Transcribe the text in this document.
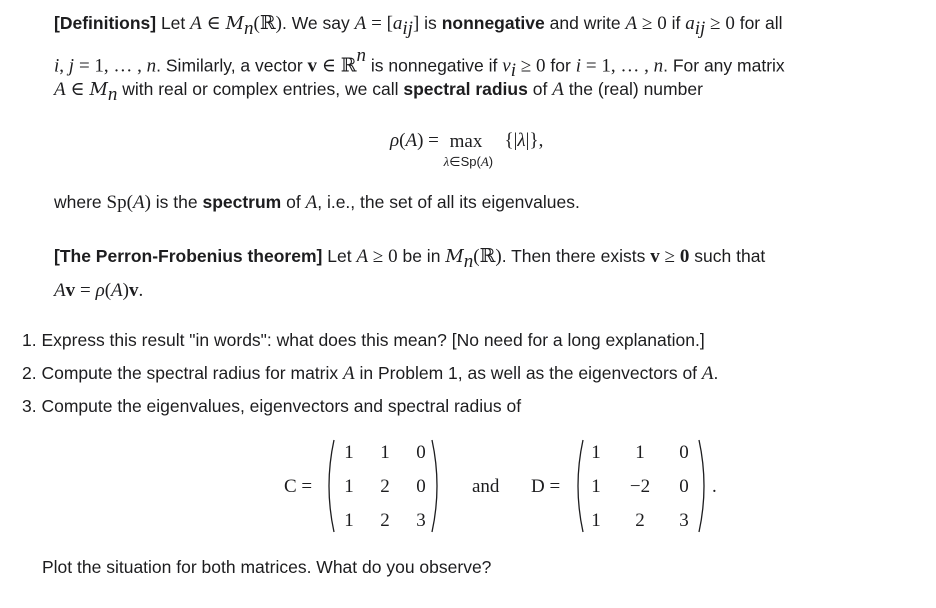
[Definitions] Let A ∈ $M_n(ℝ)$. We say $A = [a_{ij}]$ is nonnegative and write A ≥ 0 if $a_{ij} \ge 0$ for all
i, j = 1, … , n. Similarly, a vector v ∈ ℝ$^n$ is nonnegative if $v_i \ge 0$ for i = 1, … , n. For any matrix
A ∈ $M_n$ with real or complex entries, we call spectral radius of A the (real) number
ρ(A) = max
λ∈Sp(A)
{|λ|},
where Sp(A) is the spectrum of A, i.e., the set of all its eigenvalues.
[The Perron-Frobenius theorem] Let A ≥ 0 be in $M_n(ℝ)$. Then there exists v ≥ 0 such that
Av = ρ(A)v.
1. Express this result "in words": what does this mean? [No need for a long explanation.]
2. Compute the spectral radius for matrix A in Problem 1, as well as the eigenvectors of A.
3. Compute the eigenvalues, eigenvectors and spectral radius of
C =
1	1	0
1	2	0
1	2	3
and D =
1	1	0
1	−2	0
1	2	3
.
Plot the situation for both matrices. What do you observe?
